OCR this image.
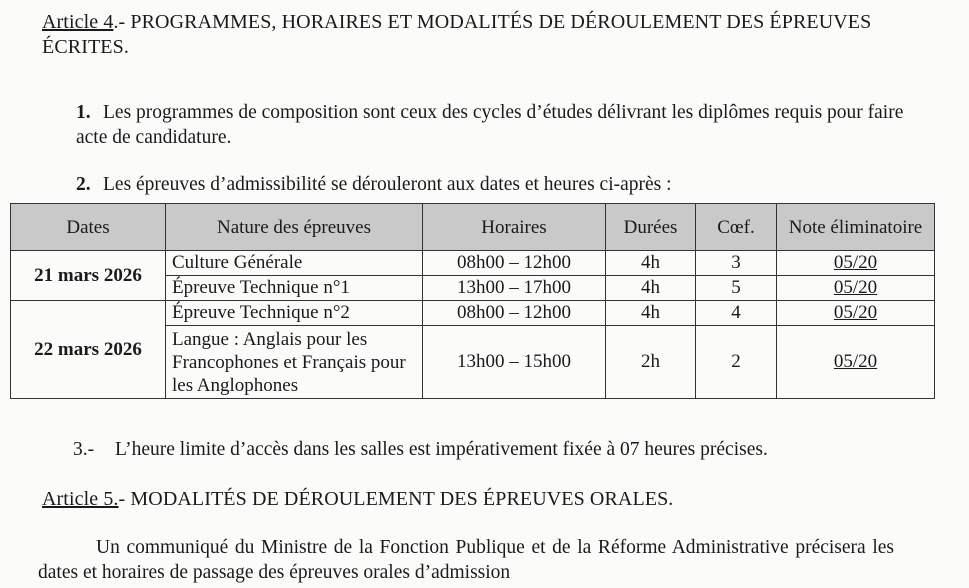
Article 4.- PROGRAMMES, HORAIRES ET MODALITÉS DE DÉROULEMENT DES ÉPREUVES ÉCRITES.
1. Les programmes de composition sont ceux des cycles d’études délivrant les diplômes requis pour faire acte de candidature.
2. Les épreuves d’admissibilité se dérouleront aux dates et heures ci-après :
Dates	Nature des épreuves	Horaires	Durées	Cœf.	Note éliminatoire
21 mars 2026	Culture Générale	08h00 – 12h00	4h	3	05/20
	Épreuve Technique n°1	13h00 – 17h00	4h	5	05/20
22 mars 2026	Épreuve Technique n°2	08h00 – 12h00	4h	4	05/20
	Langue : Anglais pour les Francophones et Français pour les Anglophones	13h00 – 15h00	2h	2	05/20
3.- L’heure limite d’accès dans les salles est impérativement fixée à 07 heures précises.
Article 5.- MODALITÉS DE DÉROULEMENT DES ÉPREUVES ORALES.
Un communiqué du Ministre de la Fonction Publique et de la Réforme Administrative précisera les dates et horaires de passage des épreuves orales d’admission
